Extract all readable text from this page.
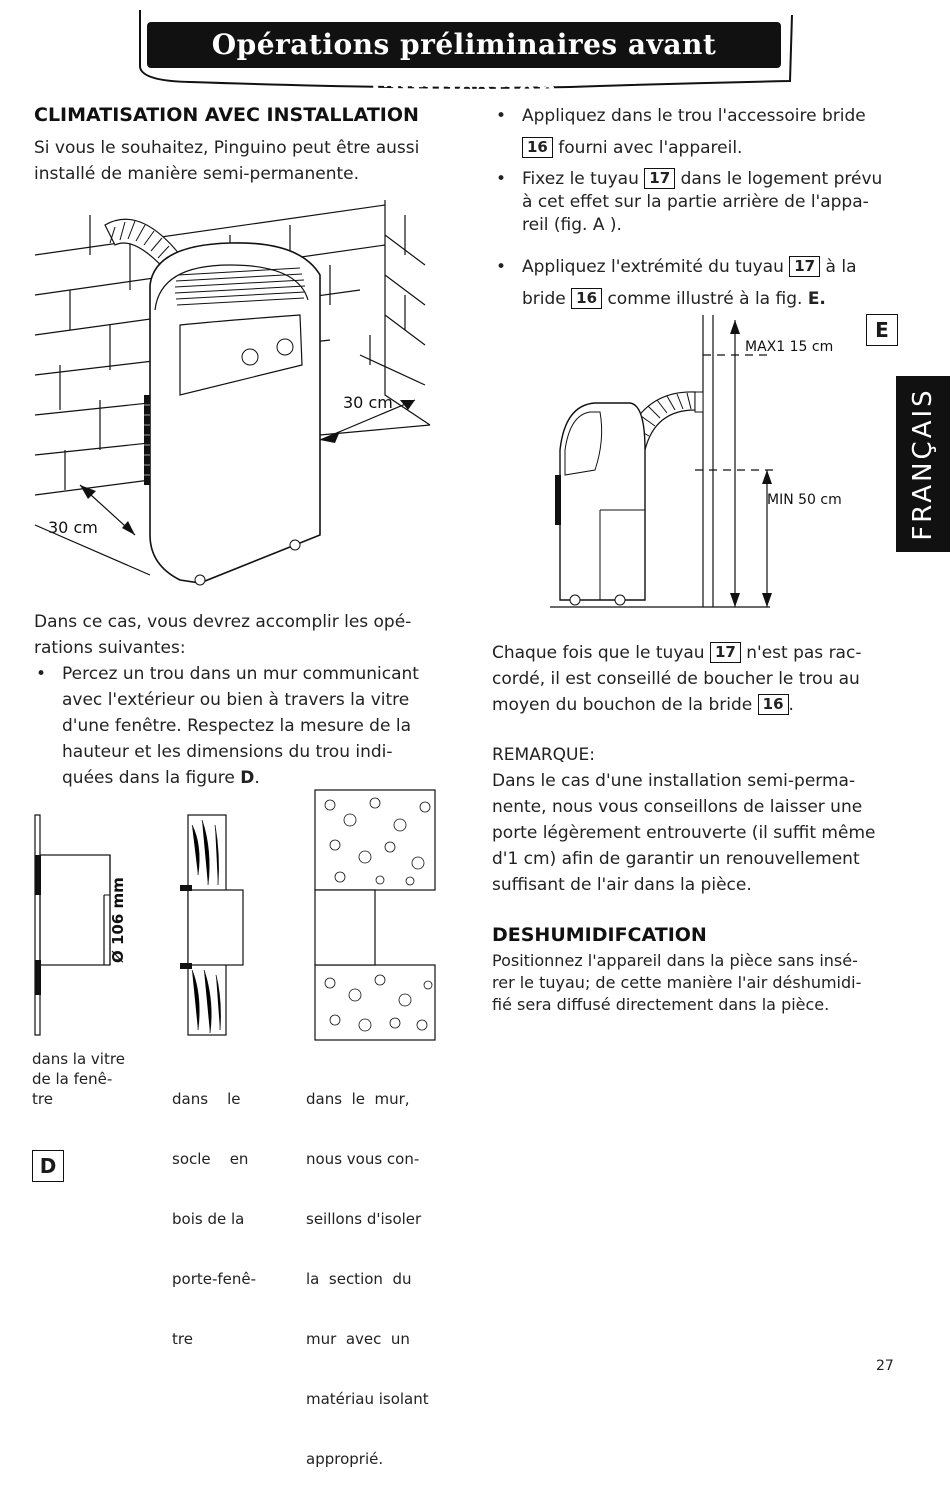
Opérations préliminaires avant l'utilisation
FRANÇAIS
CLIMATISATION AVEC INSTALLATION
Si vous le souhaitez, Pinguino peut être aussi
installé de manière semi-permanente.
30 cm
30 cm
Dans ce cas, vous devrez accomplir les opé-
rations suivantes:
• Percez un trou dans un mur communicant
avec l'extérieur ou bien à travers la vitre
d'une fenêtre. Respectez la mesure de la
hauteur et les dimensions du trou indi-
quées dans la figure D.
Ø 106 mm
dans la vitre
de la fenê-
tre

	dans    le

socle    en

bois de la

porte-fenê-

tre

dans  le  mur,

nous vous con-

seillons d'isoler

la  section  du

mur  avec  un

matériau isolant

approprié.

D
• Appliquez dans le trou l'accessoire bride
16 fourni avec l'appareil.
• Fixez le tuyau 17 dans le logement prévu
à cet effet sur la partie arrière de l'appa-
reil (fig. A ).
• Appliquez l'extrémité du tuyau 17 à la
bride 16 comme illustré à la fig. E.
MAX1 15 cm
MIN 50 cm
E
Chaque fois que le tuyau 17 n'est pas rac-
cordé, il est conseillé de boucher le trou au
moyen du bouchon de la bride 16 .
REMARQUE:
Dans le cas d'une installation semi-perma-
nente, nous vous conseillons de laisser une
porte légèrement entrouverte (il suffit même
d'1 cm) afin de garantir un renouvellement
suffisant de l'air dans la pièce.
DESHUMIDIFCATION
Positionnez l'appareil dans la pièce sans insé-
rer le tuyau; de cette manière l'air déshumidi-
fié sera diffusé directement dans la pièce.
27
